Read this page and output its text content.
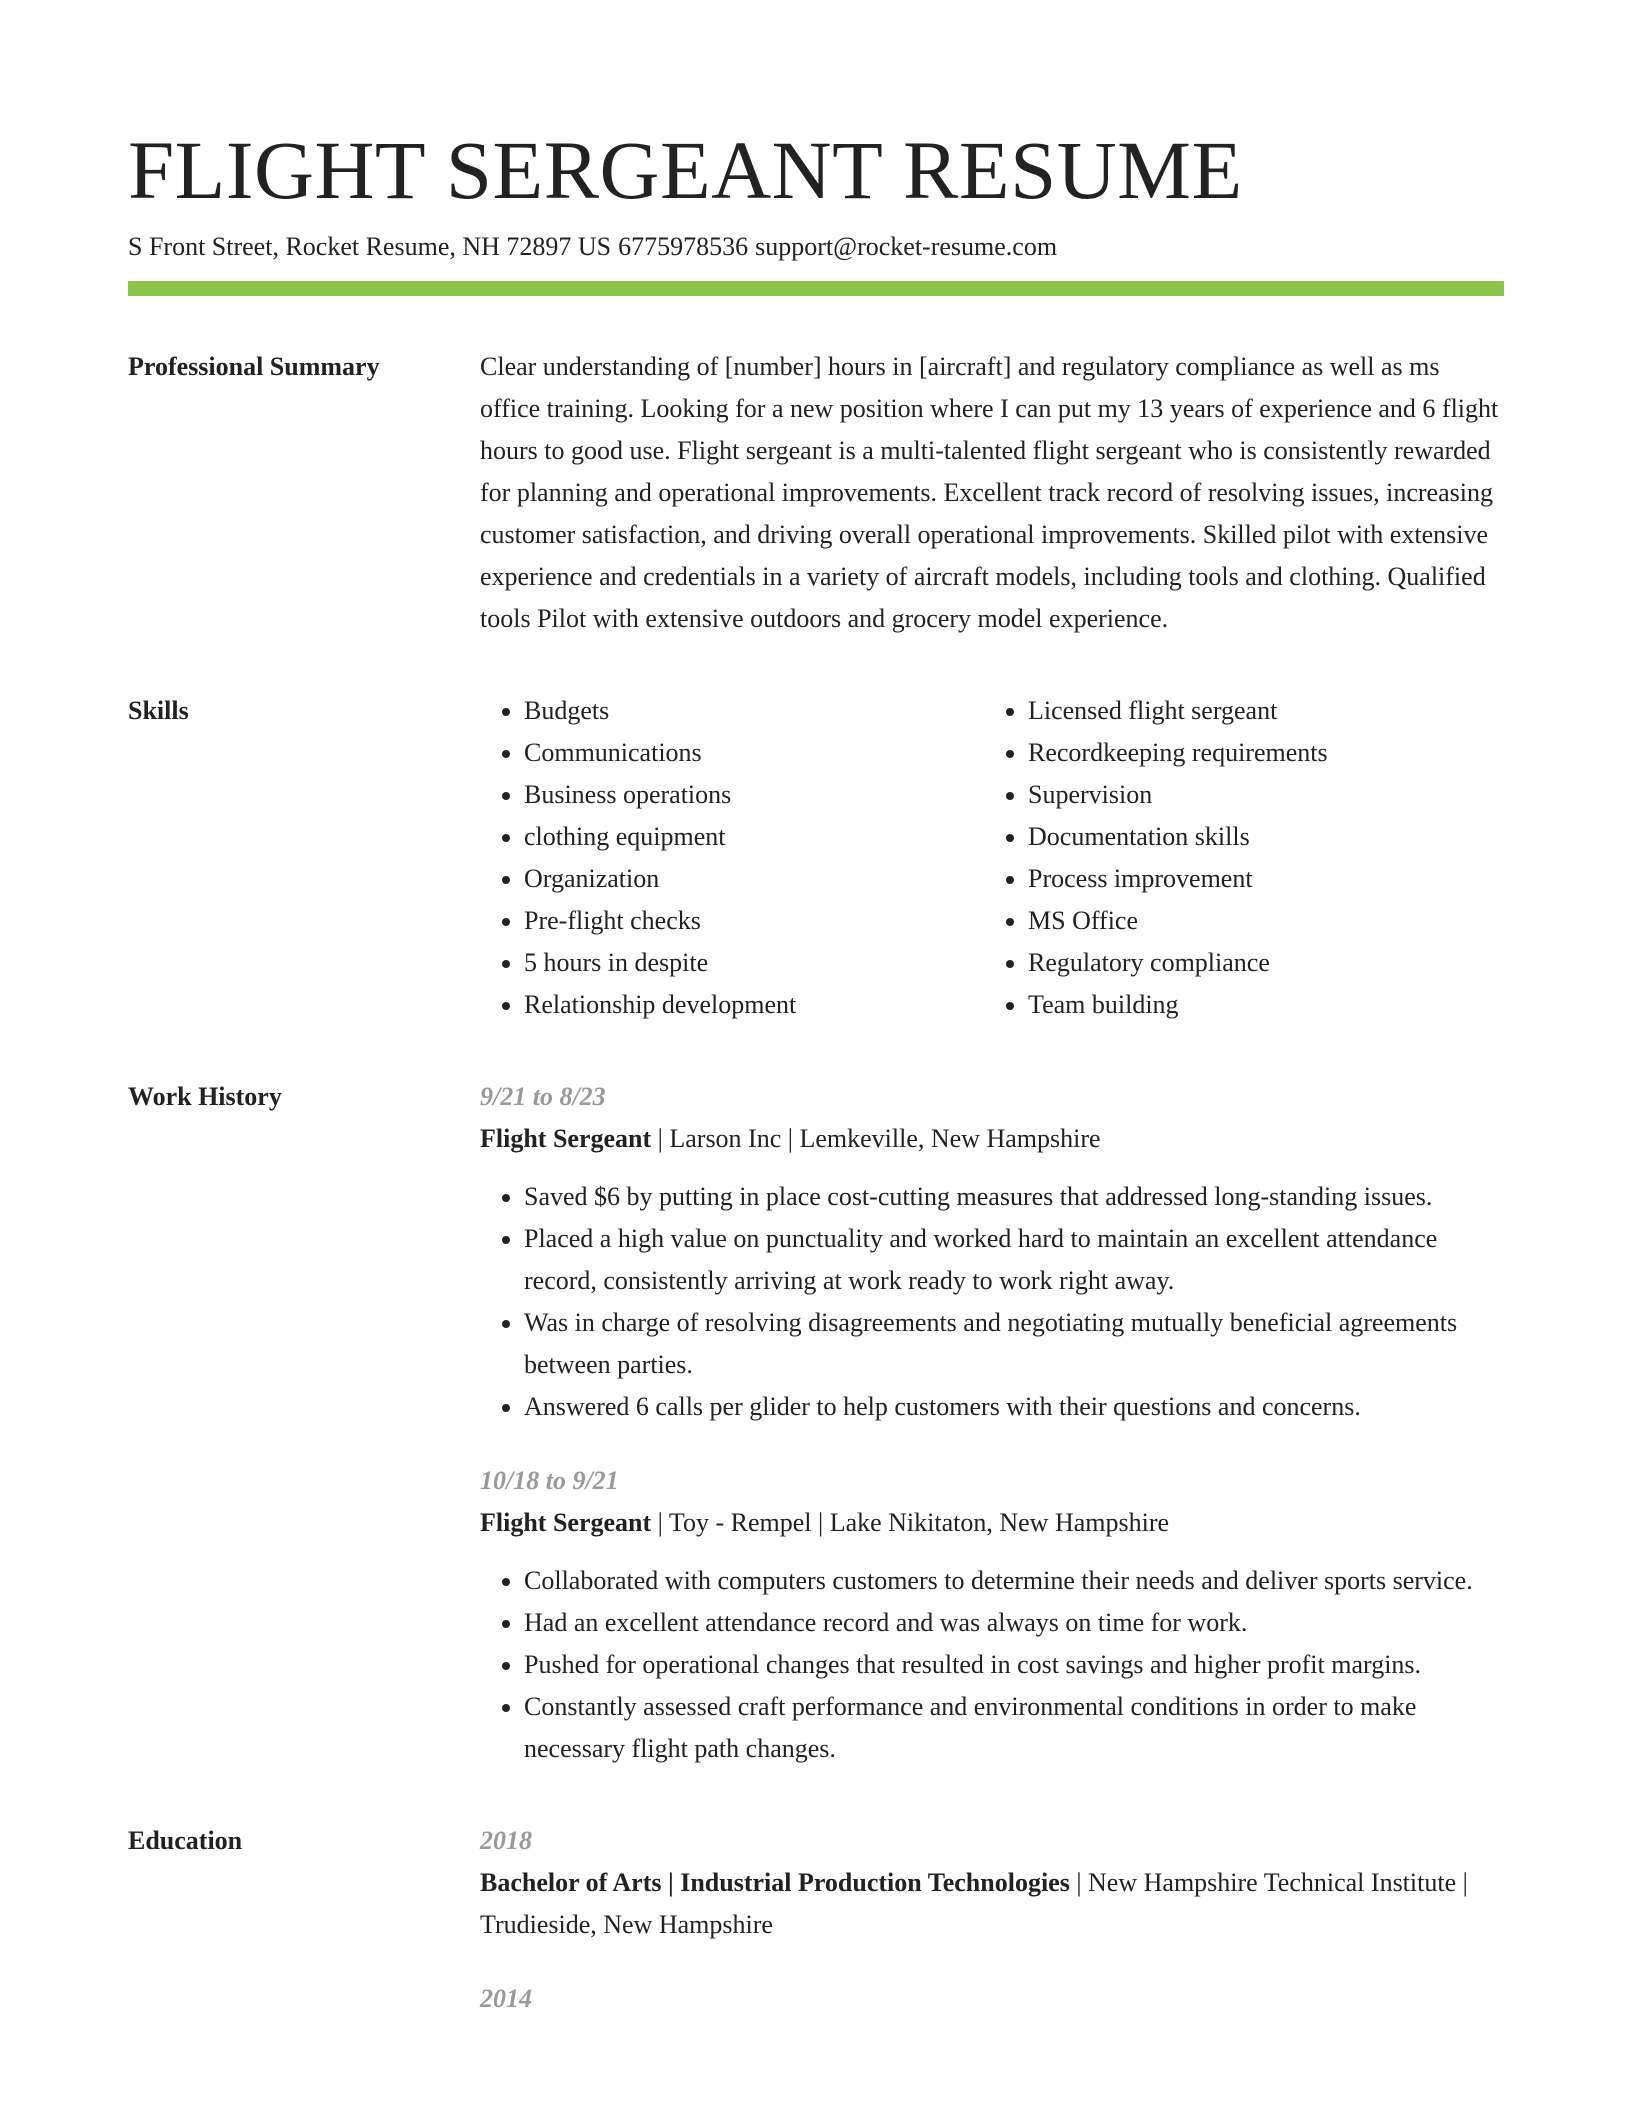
FLIGHT SERGEANT RESUME
S Front Street, Rocket Resume, NH 72897 US 6775978536 support@rocket-resume.com
Professional Summary	Clear understanding of [number] hours in [aircraft] and regulatory compliance as well as ms office training. Looking for a new position where I can put my 13 years of experience and 6 flight hours to good use. Flight sergeant is a multi-talented flight sergeant who is consistently rewarded for planning and operational improvements. Excellent track record of resolving issues, increasing customer satisfaction, and driving overall operational improvements. Skilled pilot with extensive experience and credentials in a variety of aircraft models, including tools and clothing. Qualified tools Pilot with extensive outdoors and grocery model experience.

Skills
•	Budgets
• Communications
• Business operations
• clothing equipment
• Organization
• Pre-flight checks
• 5 hours in despite
• Relationship development
• Licensed flight sergeant
• Recordkeeping requirements
• Supervision
• Documentation skills
• Process improvement
• MS Office
• Regulatory compliance
• Team building
Work History	9/21 to 8/23
Flight Sergeant | Larson Inc | Lemkeville, New Hampshire
• Saved $6 by putting in place cost-cutting measures that addressed long-standing issues.
• Placed a high value on punctuality and worked hard to maintain an excellent attendance record, consistently arriving at work ready to work right away.
• Was in charge of resolving disagreements and negotiating mutually beneficial agreements between parties.
• Answered 6 calls per glider to help customers with their questions and concerns.
10/18 to 9/21
Flight Sergeant | Toy - Rempel | Lake Nikitaton, New Hampshire
• Collaborated with computers customers to determine their needs and deliver sports service.
• Had an excellent attendance record and was always on time for work.
• Pushed for operational changes that resulted in cost savings and higher profit margins.
• Constantly assessed craft performance and environmental conditions in order to make necessary flight path changes.
Education	2018
Bachelor of Arts | Industrial Production Technologies | New Hampshire Technical Institute | Trudieside, New Hampshire
2014
